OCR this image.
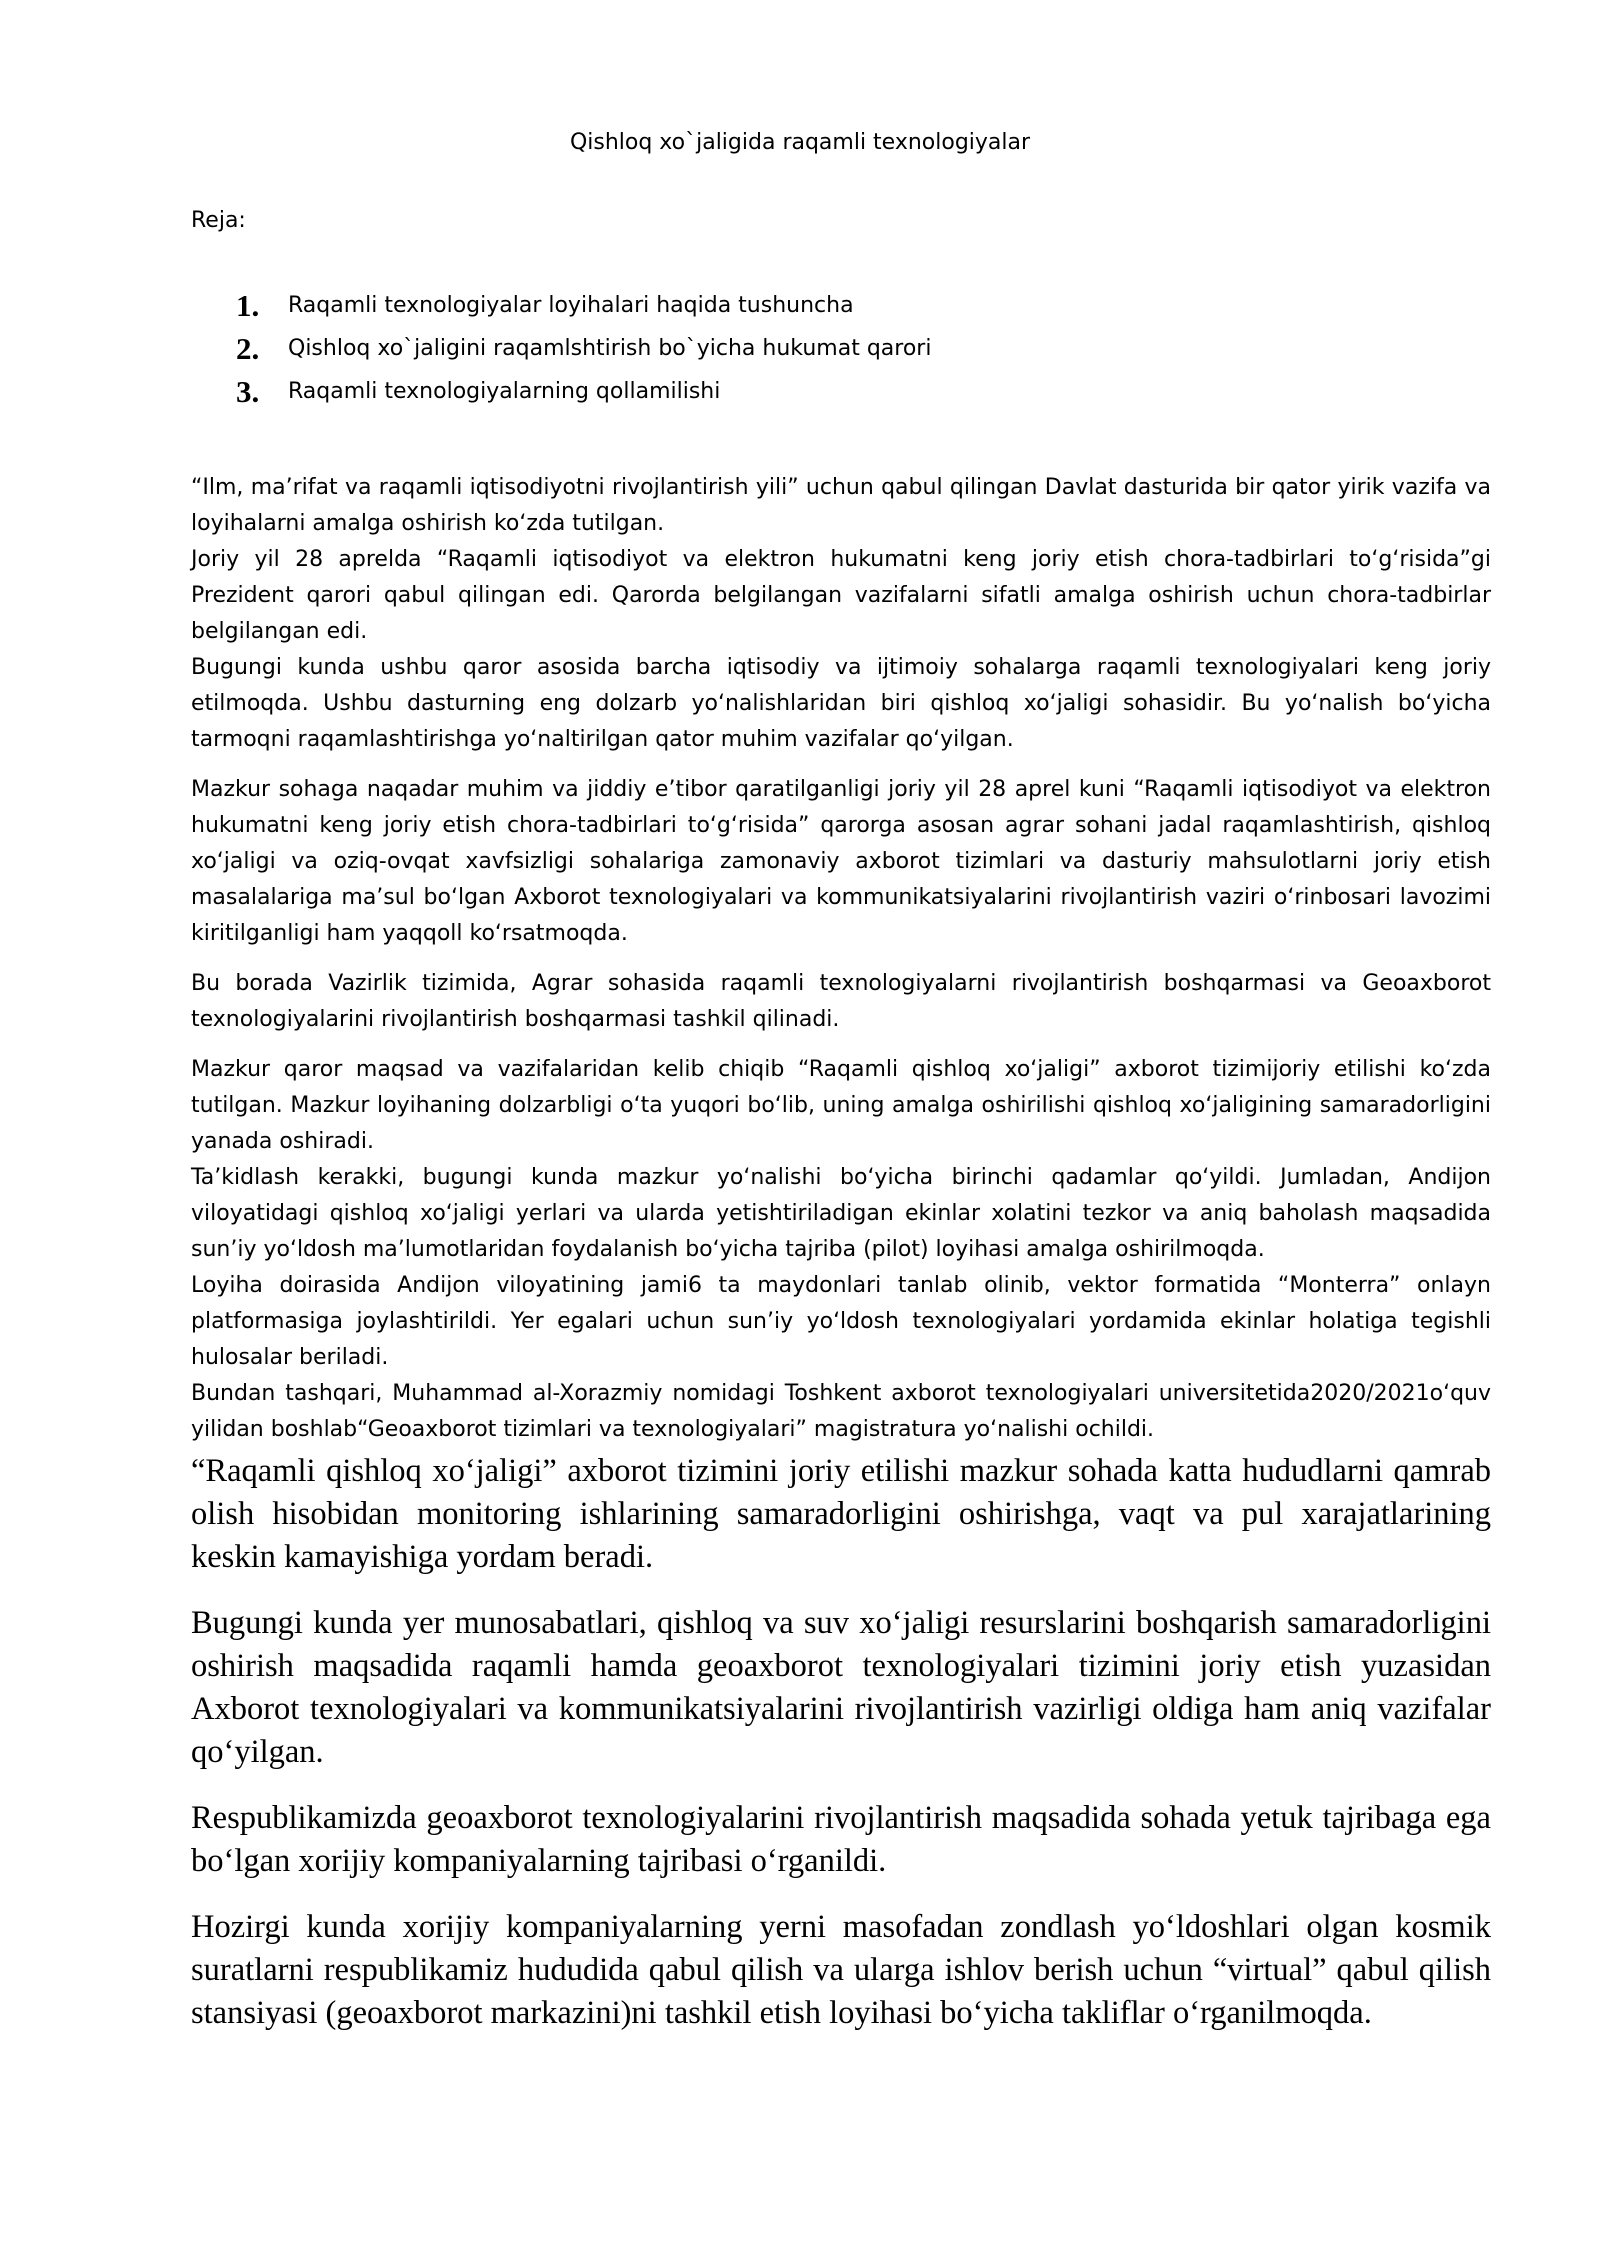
Qishloq xo`jaligida raqamli texnologiyalar
Reja:
1.	Raqamli texnologiyalar loyihalari haqida tushuncha
2.	Qishloq xo`jaligini raqamlshtirish bo`yicha hukumat qarori
3.	Raqamli texnologiyalarning qollamilishi

“Ilm, ma’rifat va raqamli iqtisodiyotni rivojlantirish yili” uchun qabul qilingan Davlat dasturida bir qator yirik vazifa va loyihalarni amalga oshirish ko‘zda tutilgan.

Joriy yil 28 aprelda “Raqamli iqtisodiyot va elektron hukumatni keng joriy etish chora-tadbirlari to‘g‘risida”gi Prezident qarori qabul qilingan edi. Qarorda belgilangan vazifalarni sifatli amalga oshirish uchun chora-tadbirlar belgilangan edi.

Bugungi kunda ushbu qaror asosida barcha iqtisodiy va ijtimoiy sohalarga raqamli texnologiyalari keng joriy etilmoqda. Ushbu dasturning eng dolzarb yo‘nalishlaridan biri qishloq xo‘jaligi sohasidir. Bu yo‘nalish bo‘yicha tarmoqni raqamlashtirishga yo‘naltirilgan qator muhim vazifalar qo‘yilgan.

Mazkur sohaga naqadar muhim va jiddiy e’tibor qaratilganligi joriy yil 28 aprel kuni “Raqamli iqtisodiyot va elektron hukumatni keng joriy etish chora-tadbirlari to‘g‘risida” qarorga asosan agrar sohani jadal raqamlashtirish, qishloq xo‘jaligi va oziq-ovqat xavfsizligi sohalariga zamonaviy axborot tizimlari va dasturiy mahsulotlarni joriy etish masalalariga ma’sul bo‘lgan Axborot texnologiyalari va kommunikatsiyalarini rivojlantirish vaziri o‘rinbosari lavozimi kiritilganligi ham yaqqoll ko‘rsatmoqda.

Bu borada Vazirlik tizimida, Agrar sohasida raqamli texnologiyalarni rivojlantirish boshqarmasi va Geoaxborot texnologiyalarini rivojlantirish boshqarmasi tashkil qilinadi.

Mazkur qaror maqsad va vazifalaridan kelib chiqib “Raqamli qishloq xo‘jaligi” axborot tizimijoriy etilishi ko‘zda tutilgan. Mazkur loyihaning dolzarbligi o‘ta yuqori bo‘lib, uning amalga oshirilishi qishloq xo‘jaligining samaradorligini yanada oshiradi.

Ta’kidlash kerakki, bugungi kunda mazkur yo‘nalishi bo‘yicha birinchi qadamlar qo‘yildi. Jumladan, Andijon viloyatidagi qishloq xo‘jaligi yerlari va ularda yetishtiriladigan ekinlar xolatini tezkor va aniq baholash maqsadida sun’iy yo‘ldosh ma’lumotlaridan foydalanish bo‘yicha tajriba (pilot) loyihasi amalga oshirilmoqda.

Loyiha doirasida Andijon viloyatining jami6 ta maydonlari tanlab olinib, vektor formatida “Monterra” onlayn platformasiga joylashtirildi. Yer egalari uchun sun’iy yo‘ldosh texnologiyalari yordamida ekinlar holatiga tegishli hulosalar beriladi.

Bundan tashqari, Muhammad al-Xorazmiy nomidagi Toshkent axborot texnologiyalari universitetida2020/2021o‘quv yilidan boshlab“Geoaxborot tizimlari va texnologiyalari” magistratura yo‘nalishi ochildi.

“Raqamli qishloq xo‘jaligi” axborot tizimini joriy etilishi mazkur sohada katta hududlarni qamrab olish hisobidan monitoring ishlarining samaradorligini oshirishga, vaqt va pul xarajatlarining keskin kamayishiga yordam beradi.

Bugungi kunda yer munosabatlari, qishloq va suv xo‘jaligi resurslarini boshqarish samaradorligini oshirish maqsadida raqamli hamda geoaxborot texnologiyalari tizimini joriy etish yuzasidan Axborot texnologiyalari va kommunikatsiyalarini rivojlantirish vazirligi oldiga ham aniq vazifalar qo‘yilgan.

Respublikamizda geoaxborot texnologiyalarini rivojlantirish maqsadida sohada yetuk tajribaga ega bo‘lgan xorijiy kompaniyalarning tajribasi o‘rganildi.

Hozirgi kunda xorijiy kompaniyalarning yerni masofadan zondlash yo‘ldoshlari olgan kosmik suratlarni respublikamiz hududida qabul qilish va ularga ishlov berish uchun “virtual” qabul qilish stansiyasi (geoaxborot markazini)ni tashkil etish loyihasi bo‘yicha takliflar o‘rganilmoqda.
